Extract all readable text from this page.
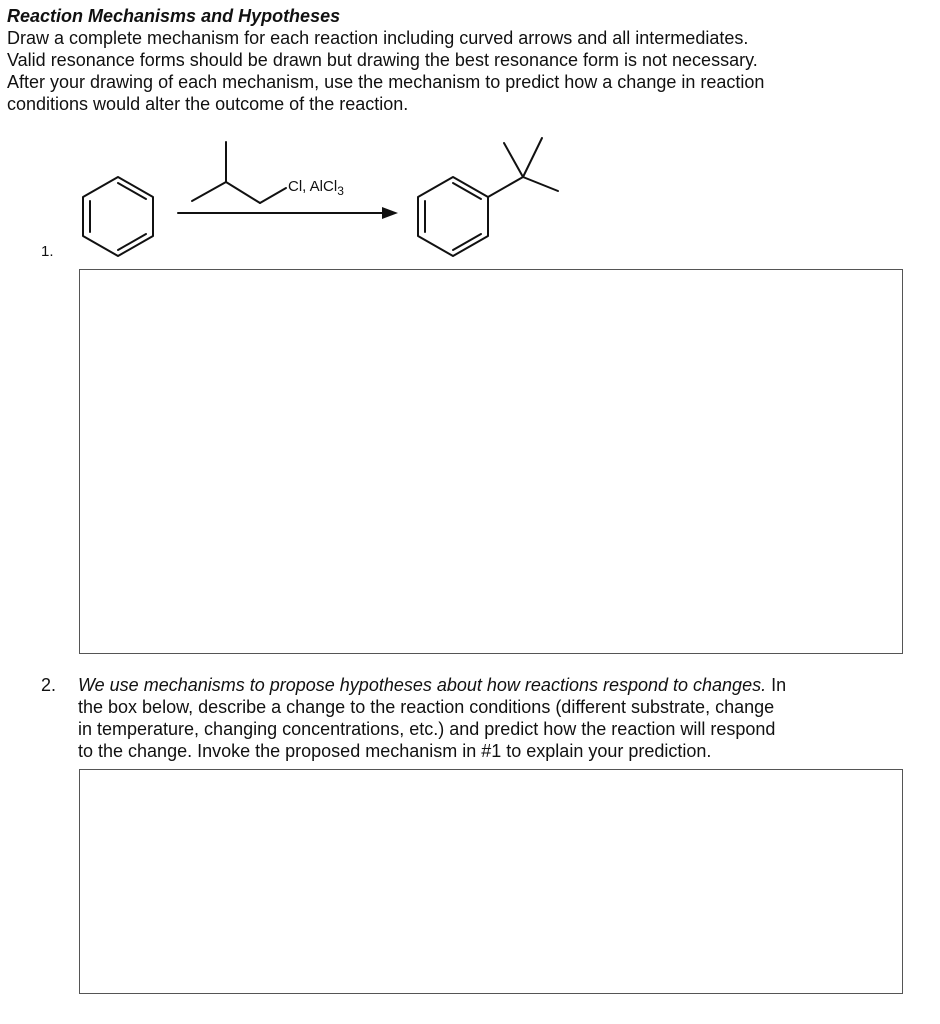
Reaction Mechanisms and Hypotheses
Draw a complete mechanism for each reaction including curved arrows and all intermediates.
Valid resonance forms should be drawn but drawing the best resonance form is not necessary.
After your drawing of each mechanism, use the mechanism to predict how a change in reaction
conditions would alter the outcome of the reaction.
1.
Cl, AlCl$_3$
2. We use mechanisms to propose hypotheses about how reactions respond to changes. In
the box below, describe a change to the reaction conditions (different substrate, change
in temperature, changing concentrations, etc.) and predict how the reaction will respond
to the change. Invoke the proposed mechanism in #1 to explain your prediction.
